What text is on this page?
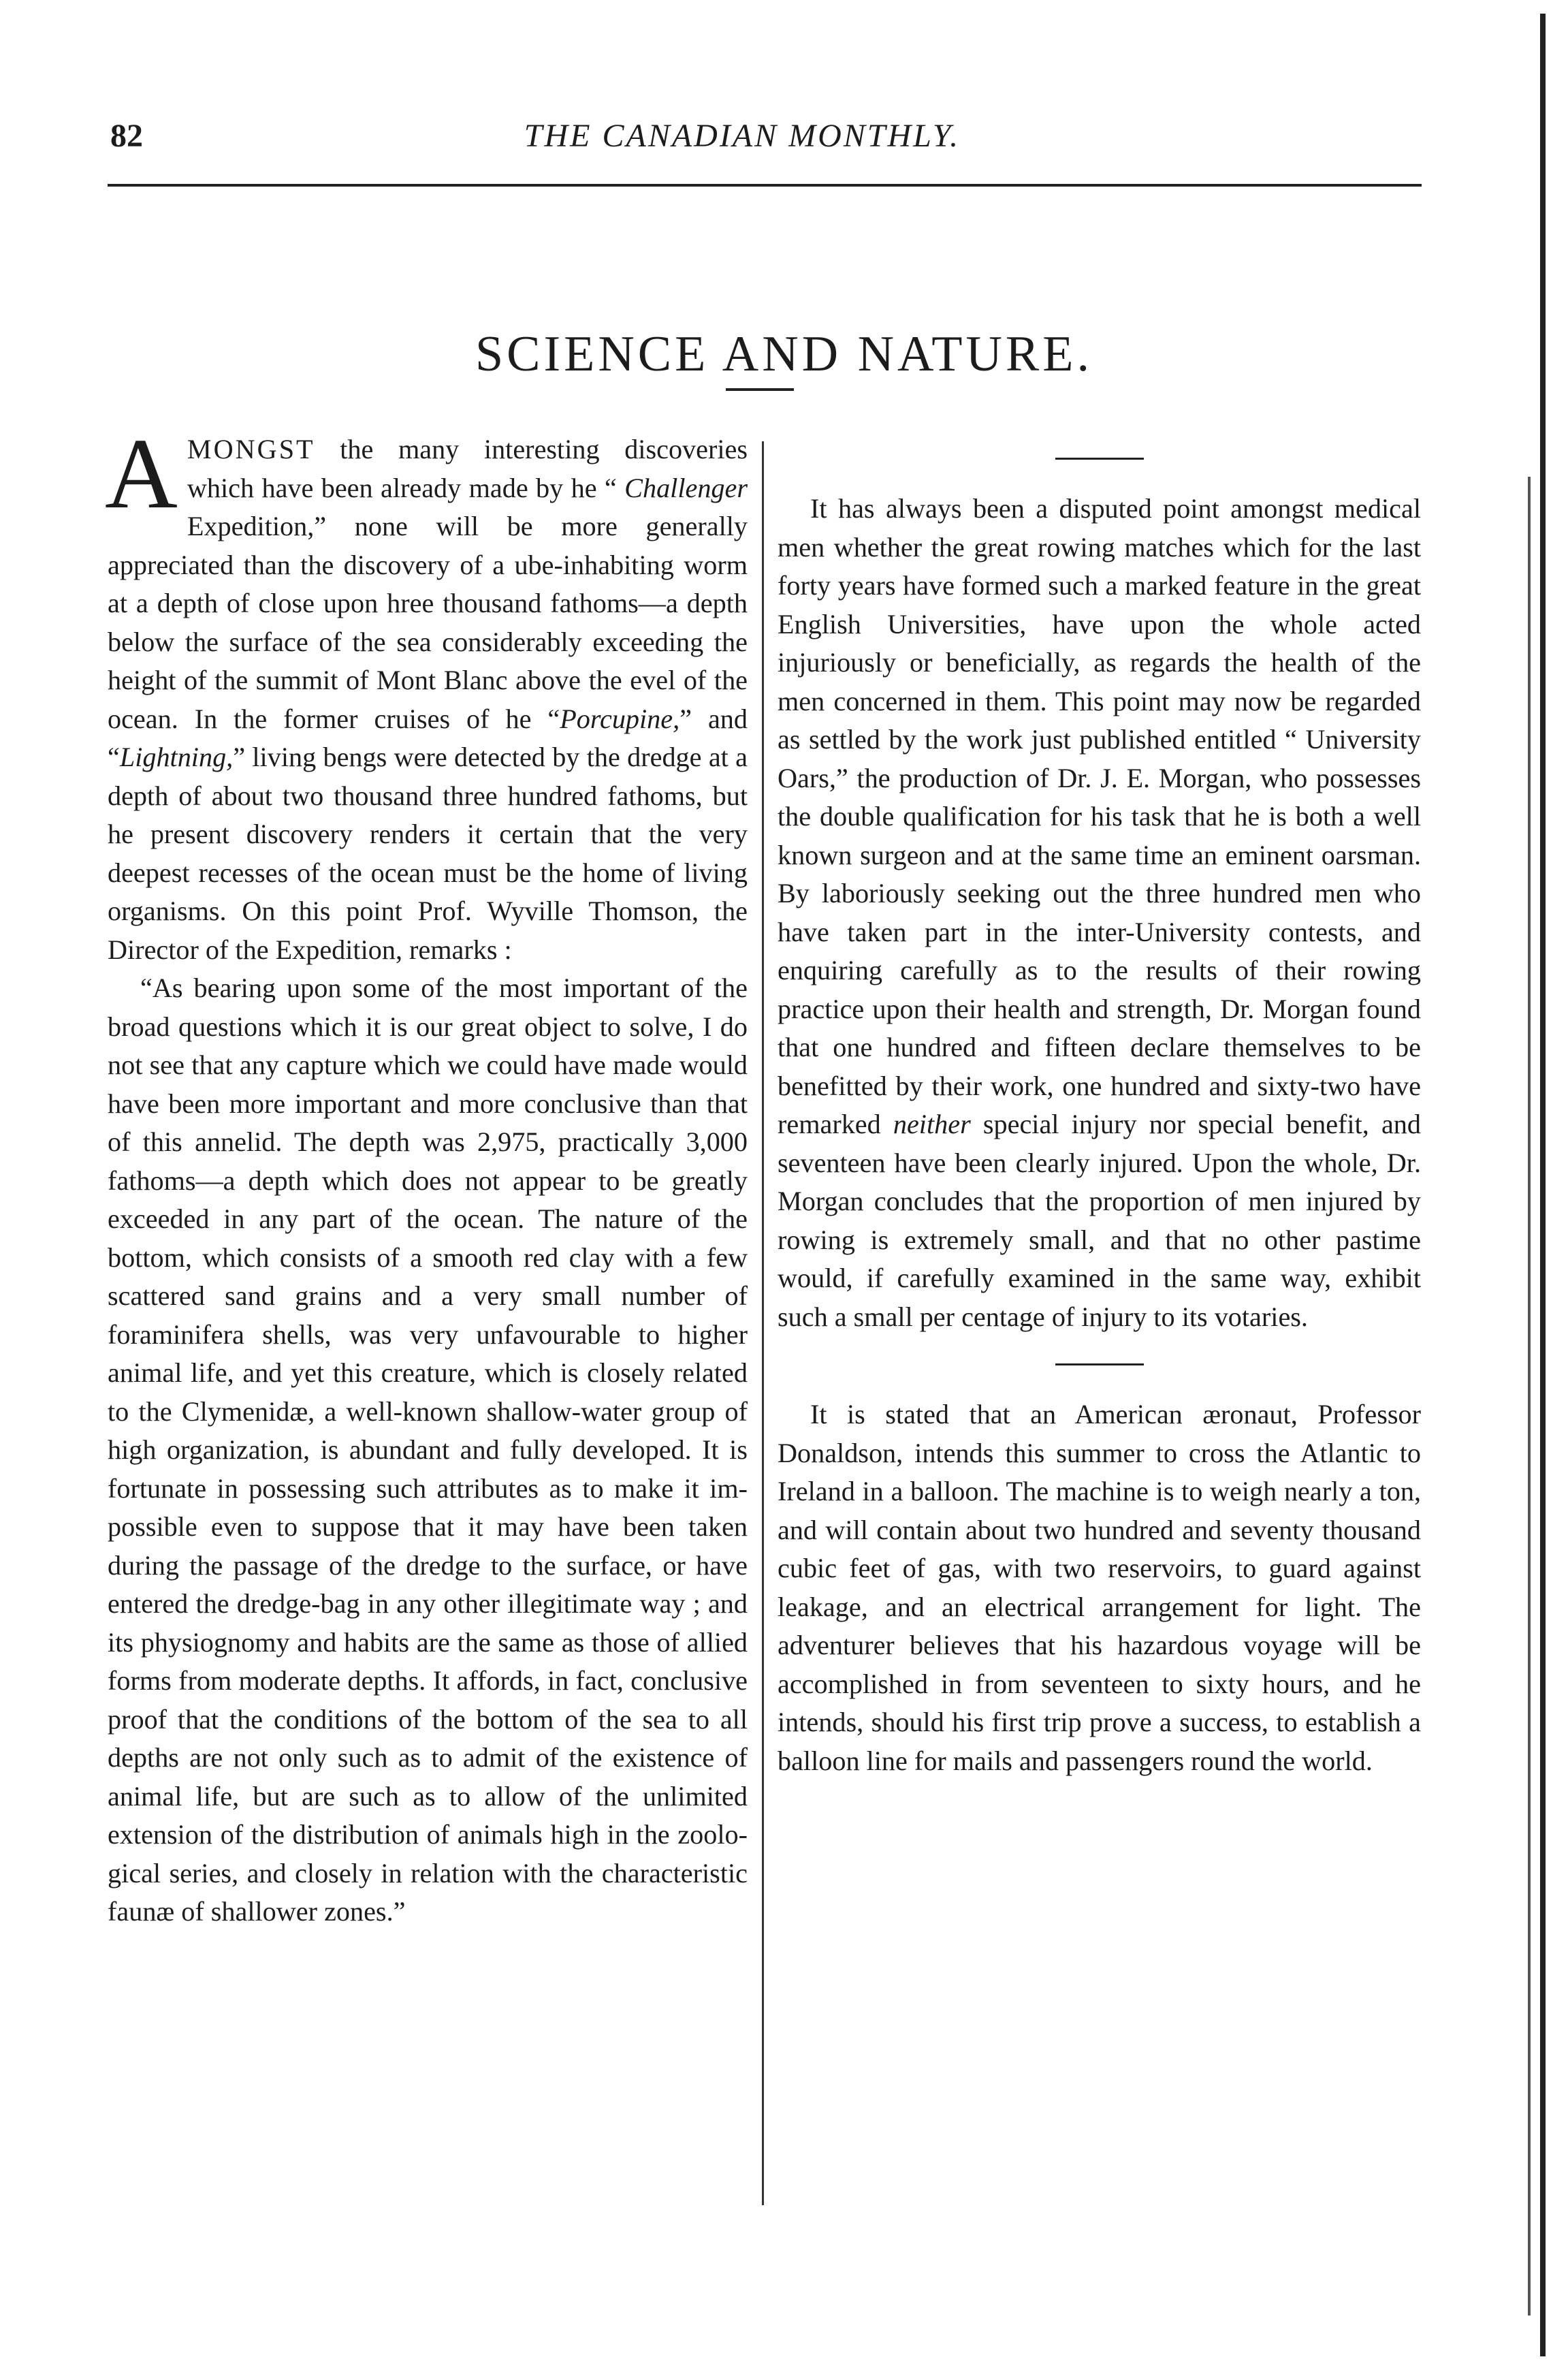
82	THE CANADIAN MONTHLY.
SCIENCE AND NATURE.

AMONGST the many interesting discoveries which have been already made by he “ Challenger Expedition,” none will be more generally appreciated than the discovery of a ube-inhabiting worm at a depth of close upon hree thousand fathoms—a depth below the surface of the sea considerably exceeding the height of the summit of Mont Blanc above the evel of the ocean. In the former cruises of he “Porcupine,” and “Lightning,” living bengs were detected by the dredge at a depth of about two thousand three hundred fathoms, but he present discovery renders it certain that the very deepest recesses of the ocean must be the home of living organisms. On this point Prof. Wyville Thomson, the Director of the Expedition, remarks :

“As bearing upon some of the most important of the broad questions which it is our great object to solve, I do not see that any capture which we could have made would have been more important and more conclusive than that of this annelid. The depth was 2,975, practically 3,000 fathoms—a depth which does not appear to be greatly exceeded in any part of the ocean. The nature of the bottom, which consists of a smooth red clay with a few scattered sand grains and a very small number of foraminifera shells, was very unfavourable to higher animal life, and yet this creature, which is closely related to the Clymenidæ, a well-known shallow-water group of high organization, is abundant and fully developed. It is fortunate in possessing such attributes as to make it impossible even to suppose that it may have been taken during the passage of the dredge to the surface, or have entered the dredge-bag in any other illegitimate way ; and its physiognomy and habits are the same as those of allied forms from moderate depths. It affords, in fact, conclusive proof that the conditions of the bottom of the sea to all depths are not only such as to admit of the existence of animal life, but are such as to allow of the unlimited extension of the distribution of animals high in the zoological series, and closely in relation with the characteristic faunæ of shallower zones.”

It has always been a disputed point amongst medical men whether the great rowing matches which for the last forty years have formed such a marked feature in the great English Universities, have upon the whole acted injuriously or beneficially, as regards the health of the men concerned in them. This point may now be regarded as settled by the work just published entitled “ University Oars,” the production of Dr. J. E. Morgan, who possesses the double qualification for his task that he is both a well known surgeon and at the same time an eminent oarsman. By laboriously seeking out the three hundred men who have taken part in the inter-University contests, and enquiring carefully as to the results of their rowing practice upon their health and strength, Dr. Morgan found that one hundred and fifteen declare themselves to be benefitted by their work, one hundred and sixty-two have remarked neither special injury nor special benefit, and seventeen have been clearly injured. Upon the whole, Dr. Morgan concludes that the proportion of men injured by rowing is extremely small, and that no other pastime would, if carefully examined in the same way, exhibit such a small per centage of injury to its votaries.

It is stated that an American æronaut, Professor Donaldson, intends this summer to cross the Atlantic to Ireland in a balloon. The machine is to weigh nearly a ton, and will contain about two hundred and seventy thousand cubic feet of gas, with two reservoirs, to guard against leakage, and an electrical arrangement for light. The adventurer believes that his hazardous voyage will be accomplished in from seventeen to sixty hours, and he intends, should his first trip prove a success, to establish a balloon line for mails and passengers round the world.
